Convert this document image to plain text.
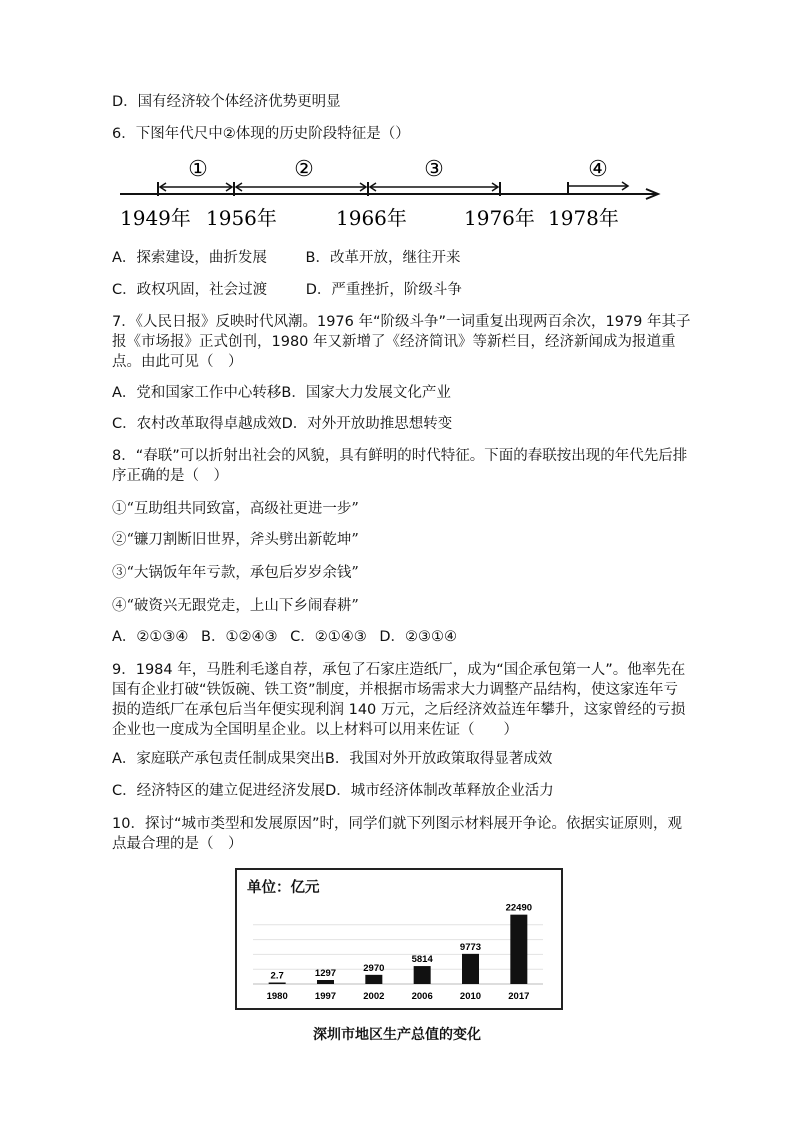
D．国有经济较个体经济优势更明显
6．下图年代尺中②体现的历史阶段特征是（）
①	②	③	④
1949年 1956年	1966年	1976年 1978年
A．探索建设，曲折发展	B．改革开放，继往开来
C．政权巩固，社会过渡	D．严重挫折，阶级斗争
7．《人民日报》反映时代风潮。1976 年“阶级斗争”一词重复出现两百余次，1979 年其子报《市场报》正式创刊，1980 年又新增了《经济简讯》等新栏目，经济新闻成为报道重点。由此可见（　）
A．党和国家工作中心转移B．国家大力发展文化产业
C．农村改革取得卓越成效D．对外开放助推思想转变
8．“春联”可以折射出社会的风貌，具有鲜明的时代特征。下面的春联按出现的年代先后排序正确的是（　）
①“互助组共同致富，高级社更进一步”
②“镰刀割断旧世界，斧头劈出新乾坤”
③“大锅饭年年亏款，承包后岁岁余钱”
④“破资兴无跟党走，上山下乡闹春耕”
A．②①③④ B．①②④③ C．②①④③ D．②③①④
9．1984 年，马胜利毛遂自荐，承包了石家庄造纸厂，成为“国企承包第一人”。他率先在国有企业打破“铁饭碗、铁工资”制度，并根据市场需求大力调整产品结构，使这家连年亏损的造纸厂在承包后当年便实现利润 140 万元，之后经济效益连年攀升，这家曾经的亏损企业也一度成为全国明星企业。以上材料可以用来佐证（　　）
A．家庭联产承包责任制成果突出B．我国对外开放政策取得显著成效
C．经济特区的建立促进经济发展D．城市经济体制改革释放企业活力
10．探讨“城市类型和发展原因”时，同学们就下列图示材料展开争论。依据实证原则，观点最合理的是（　）
单位：亿元
2.7
1980
1297
1997
2970
2002
5814
2006
9773
2010
22490
2017
深圳市地区生产总值的变化
